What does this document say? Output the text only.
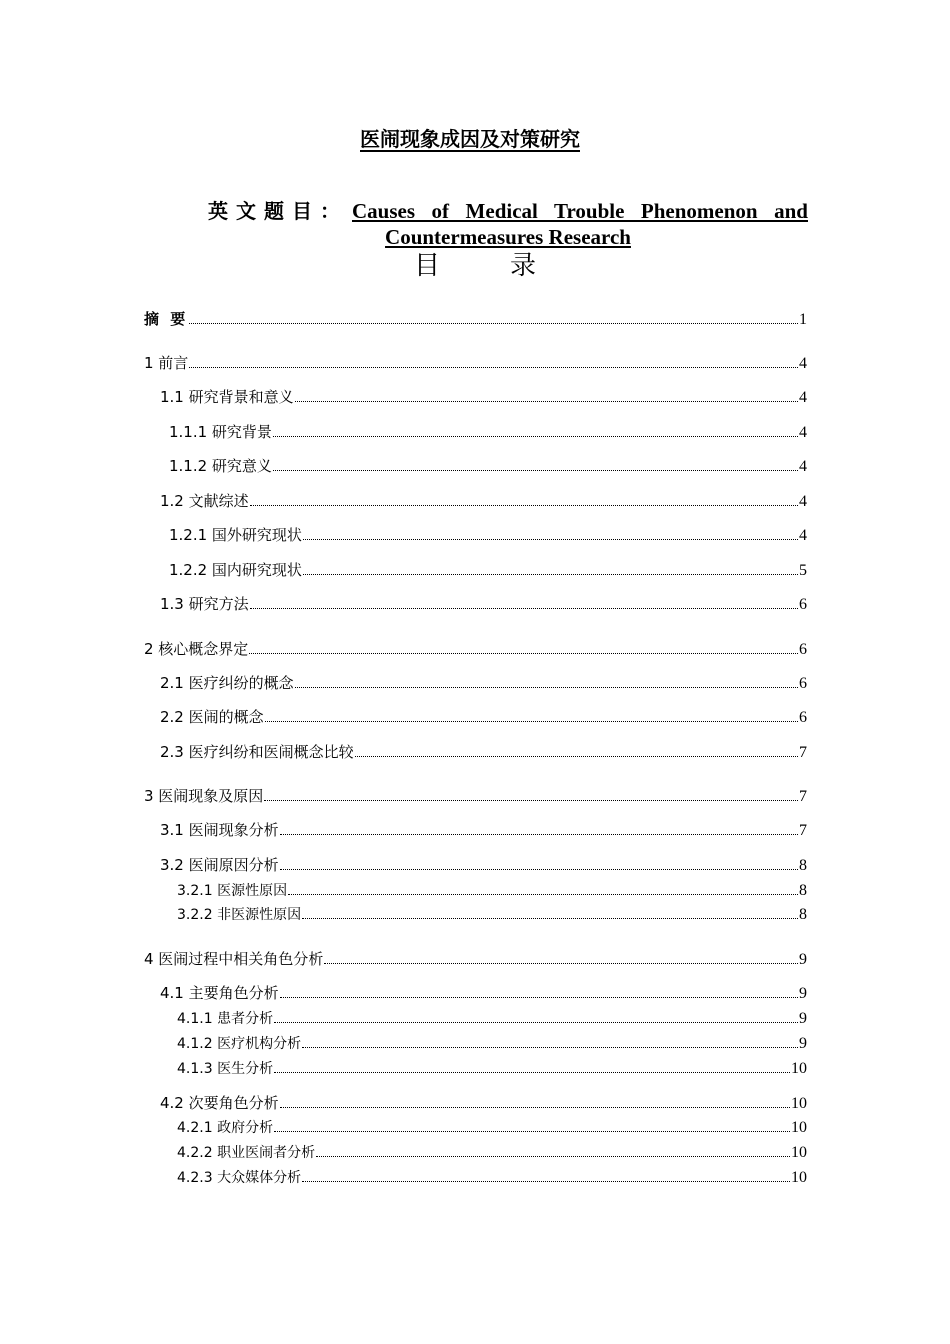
医闹现象成因及对策研究
英文题目： Causes of Medical Trouble Phenomenon and Countermeasures Research
目录
摘 要	1
1 前言	4
1.1 研究背景和意义	4
1.1.1 研究背景	4
1.1.2 研究意义	4
1.2 文献综述	4
1.2.1 国外研究现状	4
1.2.2 国内研究现状	5
1.3 研究方法	6
2 核心概念界定	6
2.1 医疗纠纷的概念	6
2.2 医闹的概念	6
2.3 医疗纠纷和医闹概念比较	7
3 医闹现象及原因	7
3.1 医闹现象分析	7
3.2 医闹原因分析	8
3.2.1 医源性原因	8
3.2.2 非医源性原因	8
4 医闹过程中相关角色分析	9
4.1 主要角色分析	9
4.1.1 患者分析	9
4.1.2 医疗机构分析	9
4.1.3 医生分析	10
4.2 次要角色分析	10
4.2.1 政府分析	10
4.2.2 职业医闹者分析	10
4.2.3 大众媒体分析	10
